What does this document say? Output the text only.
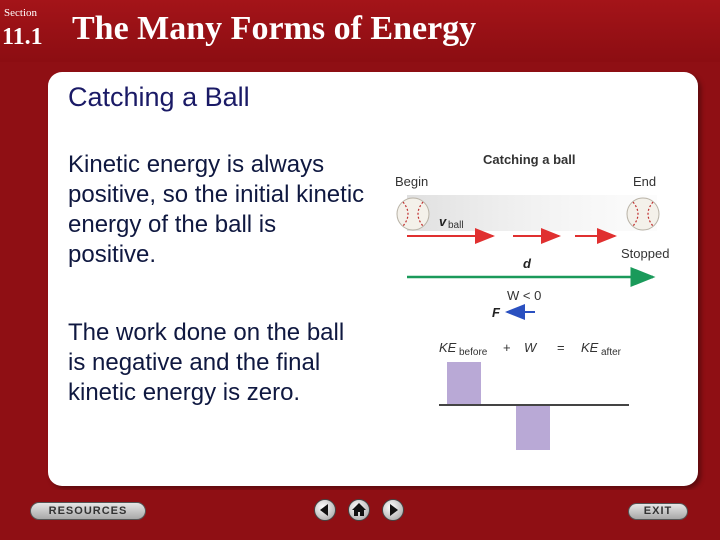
Section
11.1 The Many Forms of Energy
Catching a Ball
Kinetic energy is always positive, so the initial kinetic energy of the ball is positive.
The work done on the ball is negative and the final kinetic energy is zero.
Catching a ball
Begin	End
v ball
Stopped
d
W < 0
F
KE before + W = KE after
RESOURCES	EXIT
